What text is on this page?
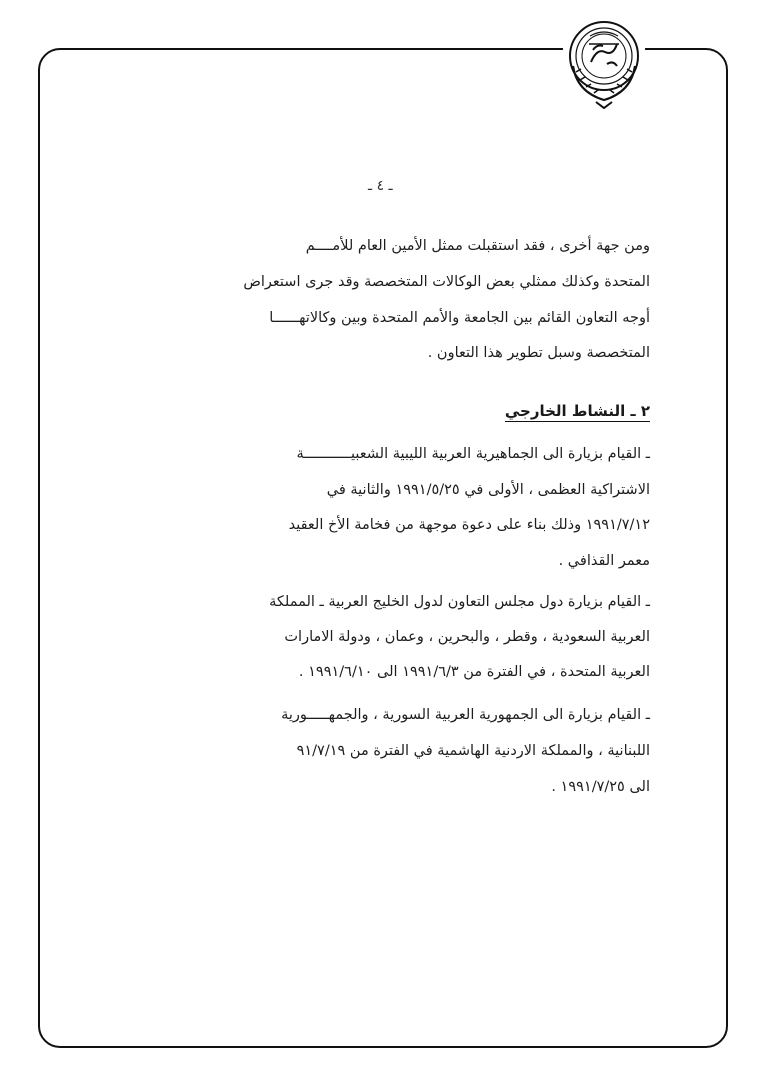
ـ ٤ ـ
ومن جهة أخرى ، فقد استقبلت ممثل الأمين العام للأمــــم
المتحدة وكذلك ممثلي بعض الوكالات المتخصصة وقد جرى استعراض
أوجه التعاون القائم بين الجامعة والأمم المتحدة وبين وكالاتهــــــا
المتخصصة وسبل تطوير هذا التعاون .
٢ ـ النشاط الخارجي
ـ القيام بزيارة الى الجماهيرية العربية الليبية الشعبيـــــــــــة
الاشتراكية العظمى ، الأولى في ١٩٩١/٥/٢٥ والثانية في
١٩٩١/٧/١٢ وذلك بناء على دعوة موجهة من فخامة الأخ العقيد
معمر القذافي .
ـ القيام بزيارة دول مجلس التعاون لدول الخليج العربية ـ المملكة
العربية السعودية ، وقطر ، والبحرين ، وعمان ، ودولة الامارات
العربية المتحدة ، في الفترة من ١٩٩١/٦/٣ الى ١٩٩١/٦/١٠ .
ـ القيام بزيارة الى الجمهورية العربية السورية ، والجمهـــــورية
اللبنانية ، والمملكة الاردنية الهاشمية في الفترة من ٩١/٧/١٩
الى ١٩٩١/٧/٢٥ .
